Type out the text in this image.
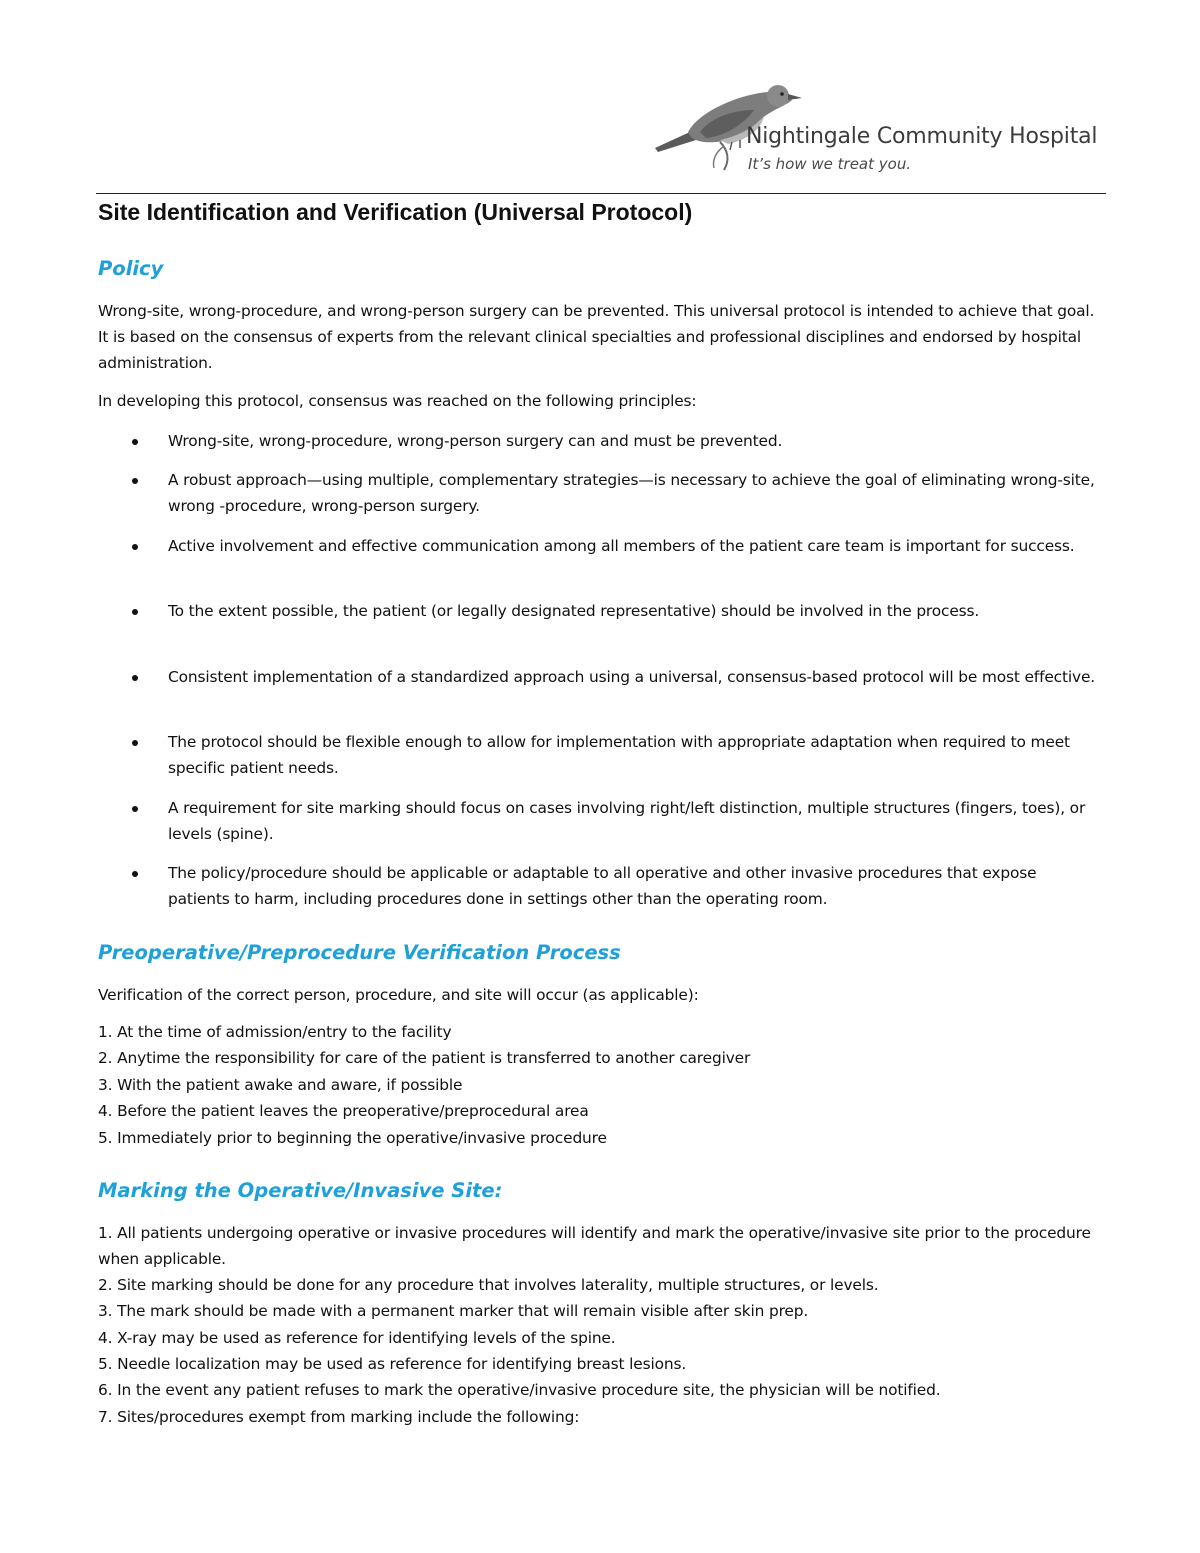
Nightingale Community Hospital
It’s how we treat you.
Site Identification and Verification (Universal Protocol)
Policy

Wrong-site, wrong-procedure, and wrong-person surgery can be prevented. This universal protocol is intended to achieve that goal. It is based on the consensus of experts from the relevant clinical specialties and professional disciplines and endorsed by hospital administration.

In developing this protocol, consensus was reached on the following principles:

Wrong-site, wrong-procedure, wrong-person surgery can and must be prevented.
A robust approach—using multiple, complementary strategies—is necessary to achieve the goal of eliminating wrong-site, wrong -procedure, wrong-person surgery.
Active involvement and effective communication among all members of the patient care team is important for success.
To the extent possible, the patient (or legally designated representative) should be involved in the process.
Consistent implementation of a standardized approach using a universal, consensus-based protocol will be most effective.
The protocol should be flexible enough to allow for implementation with appropriate adaptation when required to meet specific patient needs.
A requirement for site marking should focus on cases involving right/left distinction, multiple structures (fingers, toes), or levels (spine).
The policy/procedure should be applicable or adaptable to all operative and other invasive procedures that expose patients to harm, including procedures done in settings other than the operating room.
Preoperative/Preprocedure Verification Process

Verification of the correct person, procedure, and site will occur (as applicable):

1. At the time of admission/entry to the facility
2. Anytime the responsibility for care of the patient is transferred to another caregiver
3. With the patient awake and aware, if possible
4. Before the patient leaves the preoperative/preprocedural area
5. Immediately prior to beginning the operative/invasive procedure
Marking the Operative/Invasive Site:
1. All patients undergoing operative or invasive procedures will identify and mark the operative/invasive site prior to the procedure when applicable.
2. Site marking should be done for any procedure that involves laterality, multiple structures, or levels.
3. The mark should be made with a permanent marker that will remain visible after skin prep.
4. X-ray may be used as reference for identifying levels of the spine.
5. Needle localization may be used as reference for identifying breast lesions.
6. In the event any patient refuses to mark the operative/invasive procedure site, the physician will be notified.
7. Sites/procedures exempt from marking include the following:
